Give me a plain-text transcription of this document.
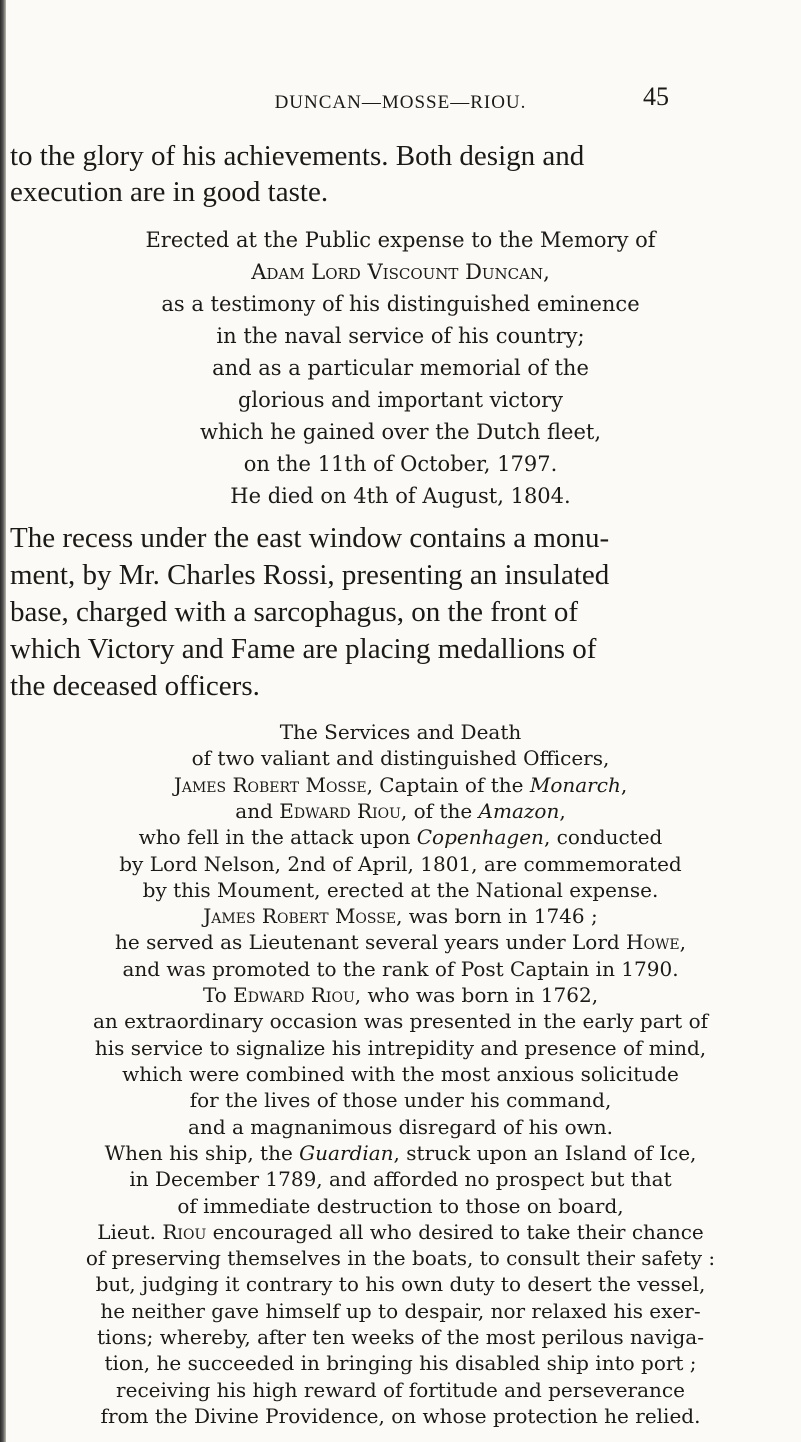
DUNCAN—MOSSE—RIOU.	45
to the glory of his achievements. Both design and
execution are in good taste.
Erected at the Public expense to the Memory of
Adam Lord Viscount Duncan,
as a testimony of his distinguished eminence
in the naval service of his country;
and as a particular memorial of the
glorious and important victory
which he gained over the Dutch fleet,
on the 11th of October, 1797.
He died on 4th of August, 1804.
The recess under the east window contains a monu-
ment, by Mr. Charles Rossi, presenting an insulated
base, charged with a sarcophagus, on the front of
which Victory and Fame are placing medallions of
the deceased officers.
The Services and Death
of two valiant and distinguished Officers,
James Robert Mosse, Captain of the Monarch,
and Edward Riou, of the Amazon,
who fell in the attack upon Copenhagen, conducted
by Lord Nelson, 2nd of April, 1801, are commemorated
by this Moument, erected at the National expense.
James Robert Mosse, was born in 1746 ;
he served as Lieutenant several years under Lord Howe,
and was promoted to the rank of Post Captain in 1790.
To Edward Riou, who was born in 1762,
an extraordinary occasion was presented in the early part of
his service to signalize his intrepidity and presence of mind,
which were combined with the most anxious solicitude
for the lives of those under his command,
and a magnanimous disregard of his own.
When his ship, the Guardian, struck upon an Island of Ice,
in December 1789, and afforded no prospect but that
of immediate destruction to those on board,
Lieut. Riou encouraged all who desired to take their chance
of preserving themselves in the boats, to consult their safety :
but, judging it contrary to his own duty to desert the vessel,
he neither gave himself up to despair, nor relaxed his exer-
tions; whereby, after ten weeks of the most perilous naviga-
tion, he succeeded in bringing his disabled ship into port ;
receiving his high reward of fortitude and perseverance
from the Divine Providence, on whose protection he relied.
